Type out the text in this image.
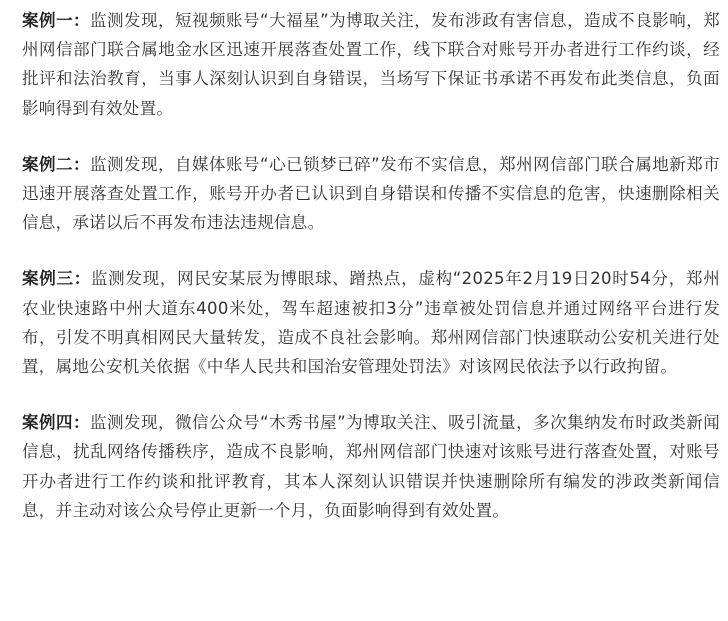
案例一：监测发现，短视频账号“大福星”为博取关注，发布涉政有害信息，造成不良影响，郑州网信部门联合属地金水区迅速开展落查处置工作，线下联合对账号开办者进行工作约谈，经批评和法治教育，当事人深刻认识到自身错误，当场写下保证书承诺不再发布此类信息，负面影响得到有效处置。

案例二：监测发现，自媒体账号“心已锁梦已碎”发布不实信息，郑州网信部门联合属地新郑市迅速开展落查处置工作，账号开办者已认识到自身错误和传播不实信息的危害，快速删除相关信息，承诺以后不再发布违法违规信息。

案例三：监测发现，网民安某辰为博眼球、蹭热点，虚构“2025年2月19日20时54分，郑州农业快速路中州大道东400米处，驾车超速被扣3分”违章被处罚信息并通过网络平台进行发布，引发不明真相网民大量转发，造成不良社会影响。郑州网信部门快速联动公安机关进行处置，属地公安机关依据《中华人民共和国治安管理处罚法》对该网民依法予以行政拘留。

案例四：监测发现，微信公众号“木秀书屋”为博取关注、吸引流量，多次集纳发布时政类新闻信息，扰乱网络传播秩序，造成不良影响，郑州网信部门快速对该账号进行落查处置，对账号开办者进行工作约谈和批评教育，其本人深刻认识错误并快速删除所有编发的涉政类新闻信息，并主动对该公众号停止更新一个月，负面影响得到有效处置。
